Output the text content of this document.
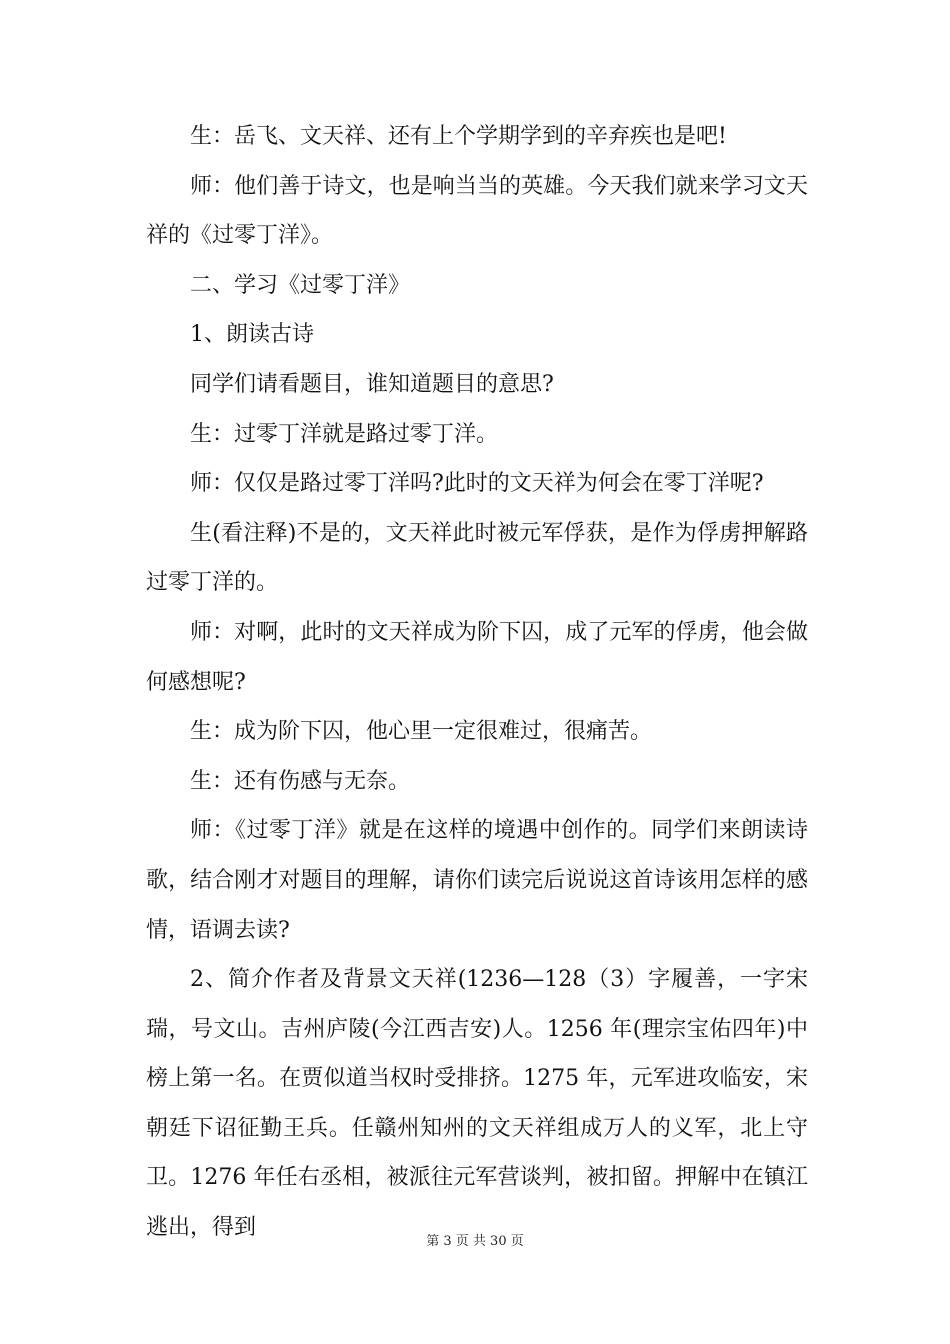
生：岳飞、文天祥、还有上个学期学到的辛弃疾也是吧!

师：他们善于诗文，也是响当当的英雄。今天我们就来学习文天祥的《过零丁洋》。

二、学习《过零丁洋》

1、朗读古诗

同学们请看题目，谁知道题目的意思?

生：过零丁洋就是路过零丁洋。

师：仅仅是路过零丁洋吗?此时的文天祥为何会在零丁洋呢?

生(看注释)不是的，文天祥此时被元军俘获，是作为俘虏押解路过零丁洋的。

师：对啊，此时的文天祥成为阶下囚，成了元军的俘虏，他会做何感想呢?

生：成为阶下囚，他心里一定很难过，很痛苦。

生：还有伤感与无奈。

师：《过零丁洋》就是在这样的境遇中创作的。同学们来朗读诗歌，结合刚才对题目的理解，请你们读完后说说这首诗该用怎样的感情，语调去读?

2、简介作者及背景文天祥(1236—128（3）字履善，一字宋瑞，号文山。吉州庐陵(今江西吉安)人。1256 年(理宗宝佑四年)中榜上第一名。在贾似道当权时受排挤。1275 年，元军进攻临安，宋朝廷下诏征勤王兵。任赣州知州的文天祥组成万人的义军，北上守卫。1276 年任右丞相，被派往元军营谈判，被扣留。押解中在镇江逃出，得到

第 3 页 共 30 页
